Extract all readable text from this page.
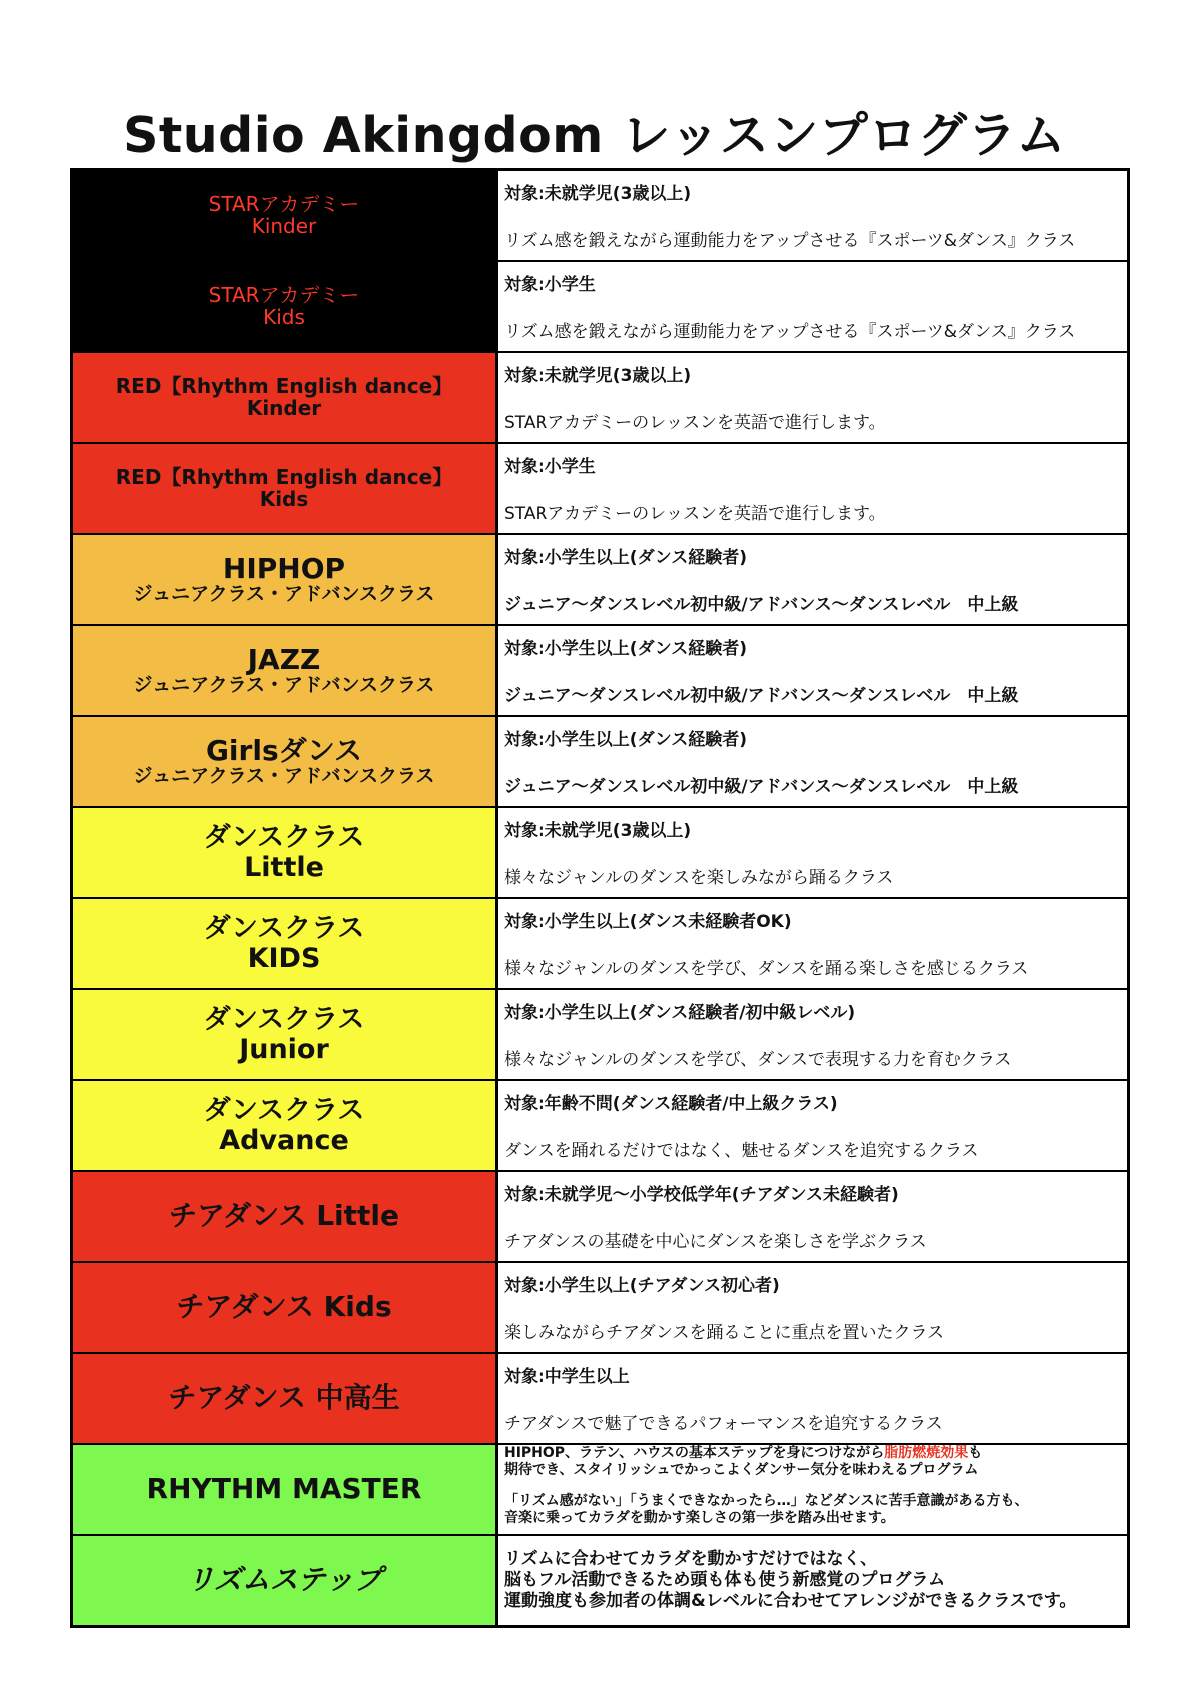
Studio Akingdom レッスンプログラム
STARアカデミー
Kinder
対象:未就学児(3歳以上)
リズム感を鍛えながら運動能力をアップさせる『スポーツ&ダンス』クラス
STARアカデミー
Kids
対象:小学生
リズム感を鍛えながら運動能力をアップさせる『スポーツ&ダンス』クラス
RED【Rhythm English dance】
Kinder
対象:未就学児(3歳以上)
STARアカデミーのレッスンを英語で進行します。
RED【Rhythm English dance】
Kids
対象:小学生
STARアカデミーのレッスンを英語で進行します。
HIPHOP
ジュニアクラス・アドバンスクラス
対象:小学生以上(ダンス経験者)
ジュニア～ダンスレベル初中級/アドバンス～ダンスレベル　中上級
JAZZ
ジュニアクラス・アドバンスクラス
対象:小学生以上(ダンス経験者)
ジュニア～ダンスレベル初中級/アドバンス～ダンスレベル　中上級
Girlsダンス
ジュニアクラス・アドバンスクラス
対象:小学生以上(ダンス経験者)
ジュニア～ダンスレベル初中級/アドバンス～ダンスレベル　中上級
ダンスクラス
Little
対象:未就学児(3歳以上)
様々なジャンルのダンスを楽しみながら踊るクラス
ダンスクラス
KIDS
対象:小学生以上(ダンス未経験者OK)
様々なジャンルのダンスを学び、ダンスを踊る楽しさを感じるクラス
ダンスクラス
Junior
対象:小学生以上(ダンス経験者/初中級レベル)
様々なジャンルのダンスを学び、ダンスで表現する力を育むクラス
ダンスクラス
Advance
対象:年齢不問(ダンス経験者/中上級クラス)
ダンスを踊れるだけではなく、魅せるダンスを追究するクラス
チアダンス Little
対象:未就学児～小学校低学年(チアダンス未経験者)
チアダンスの基礎を中心にダンスを楽しさを学ぶクラス
チアダンス Kids
対象:小学生以上(チアダンス初心者)
楽しみながらチアダンスを踊ることに重点を置いたクラス
チアダンス 中高生
対象:中学生以上
チアダンスで魅了できるパフォーマンスを追究するクラス
RHYTHM MASTER
HIPHOP、ラテン、ハウスの基本ステップを身につけながら脂肪燃焼効果も
期待でき、スタイリッシュでかっこよくダンサー気分を味わえるプログラム
「リズム感がない」「うまくできなかったら…」などダンスに苦手意識がある方も、
音楽に乗ってカラダを動かす楽しさの第一歩を踏み出せます。
リズムステップ
リズムに合わせてカラダを動かすだけではなく、
脳もフル活動できるため頭も体も使う新感覚のプログラム
運動強度も参加者の体調&レベルに合わせてアレンジができるクラスです。
